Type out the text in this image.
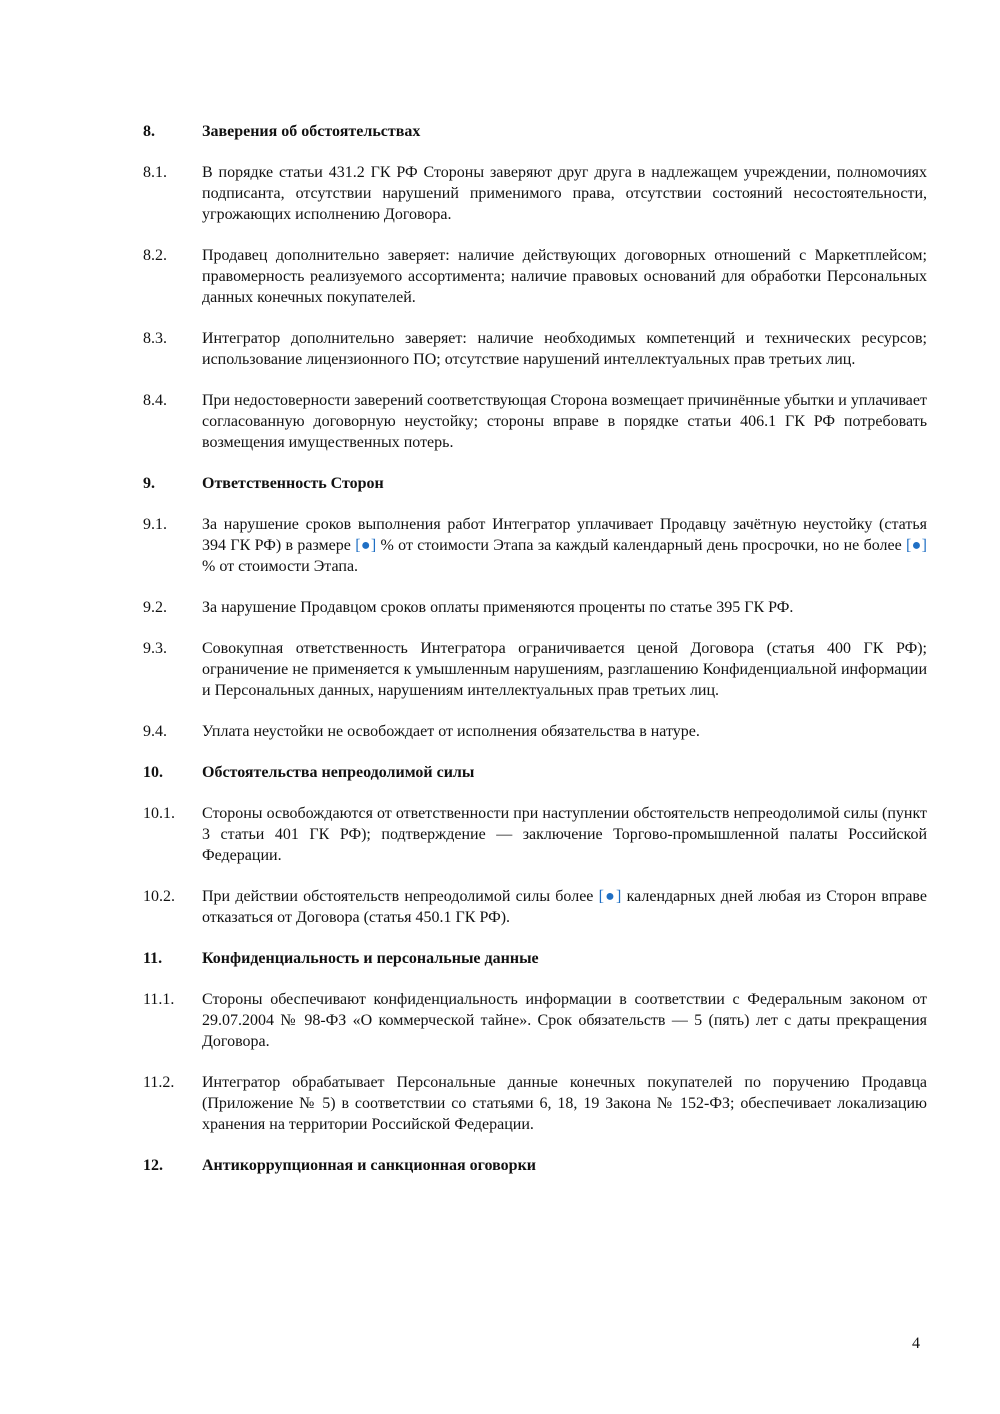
8.	Заверения об обстоятельствах
8.1.	В порядке статьи 431.2 ГК РФ Стороны заверяют друг друга в надлежащем учреждении, полномочиях подписанта, отсутствии нарушений применимого права, отсутствии состояний несостоятельности, угрожающих исполнению Договора.
8.2.	Продавец дополнительно заверяет: наличие действующих договорных отношений с Маркетплейсом; правомерность реализуемого ассортимента; наличие правовых оснований для обработки Персональных данных конечных покупателей.
8.3.	Интегратор дополнительно заверяет: наличие необходимых компетенций и технических ресурсов; использование лицензионного ПО; отсутствие нарушений интеллектуальных прав третьих лиц.
8.4.	При недостоверности заверений соответствующая Сторона возмещает причинённые убытки и уплачивает согласованную договорную неустойку; стороны вправе в порядке статьи 406.1 ГК РФ потребовать возмещения имущественных потерь.
9.	Ответственность Сторон
9.1.	За нарушение сроков выполнения работ Интегратор уплачивает Продавцу зачётную неустойку (статья 394 ГК РФ) в размере [●] % от стоимости Этапа за каждый календарный день просрочки, но не более [●] % от стоимости Этапа.
9.2.	За нарушение Продавцом сроков оплаты применяются проценты по статье 395 ГК РФ.
9.3.	Совокупная ответственность Интегратора ограничивается ценой Договора (статья 400 ГК РФ); ограничение не применяется к умышленным нарушениям, разглашению Конфиденциальной информации и Персональных данных, нарушениям интеллектуальных прав третьих лиц.
9.4.	Уплата неустойки не освобождает от исполнения обязательства в натуре.
10.	Обстоятельства непреодолимой силы
10.1.	Стороны освобождаются от ответственности при наступлении обстоятельств непреодолимой силы (пункт 3 статьи 401 ГК РФ); подтверждение — заключение Торгово-промышленной палаты Российской Федерации.
10.2.	При действии обстоятельств непреодолимой силы более [●] календарных дней любая из Сторон вправе отказаться от Договора (статья 450.1 ГК РФ).
11.	Конфиденциальность и персональные данные
11.1.	Стороны обеспечивают конфиденциальность информации в соответствии с Федеральным законом от 29.07.2004 № 98-ФЗ «О коммерческой тайне». Срок обязательств — 5 (пять) лет с даты прекращения Договора.
11.2.	Интегратор обрабатывает Персональные данные конечных покупателей по поручению Продавца (Приложение № 5) в соответствии со статьями 6, 18, 19 Закона № 152-ФЗ; обеспечивает локализацию хранения на территории Российской Федерации.
12.	Антикоррупционная и санкционная оговорки
4
